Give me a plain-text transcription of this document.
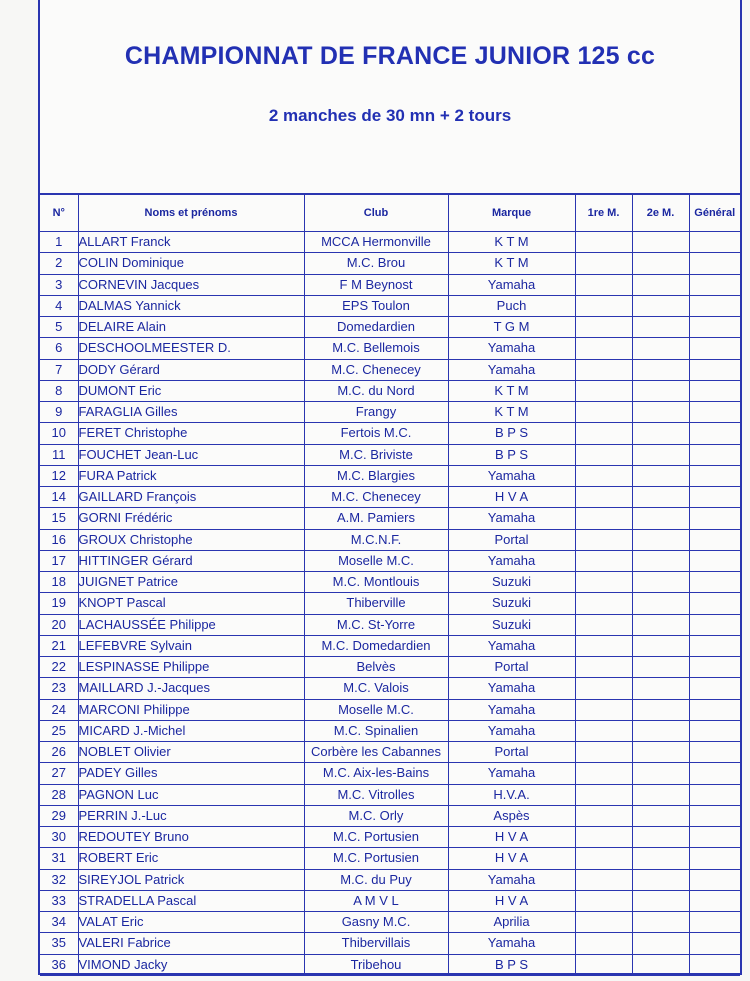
CHAMPIONNAT DE FRANCE JUNIOR 125 cc
2 manches de 30 mn + 2 tours
N°	Noms et prénoms	Club	Marque	1re M.	2e M.	Général
1	ALLART Franck	MCCA Hermonville	K T M			
2	COLIN Dominique	M.C. Brou	K T M			
3	CORNEVIN Jacques	F M Beynost	Yamaha			
4	DALMAS Yannick	EPS Toulon	Puch			
5	DELAIRE Alain	Domedardien	T G M			
6	DESCHOOLMEESTER D.	M.C. Bellemois	Yamaha			
7	DODY Gérard	M.C. Chenecey	Yamaha			
8	DUMONT Eric	M.C. du Nord	K T M			
9	FARAGLIA Gilles	Frangy	K T M			
10	FERET Christophe	Fertois M.C.	B P S			
11	FOUCHET Jean-Luc	M.C. Briviste	B P S			
12	FURA Patrick	M.C. Blargies	Yamaha			
14	GAILLARD François	M.C. Chenecey	H V A			
15	GORNI Frédéric	A.M. Pamiers	Yamaha			
16	GROUX Christophe	M.C.N.F.	Portal			
17	HITTINGER Gérard	Moselle M.C.	Yamaha			
18	JUIGNET Patrice	M.C. Montlouis	Suzuki			
19	KNOPT Pascal	Thiberville	Suzuki			
20	LACHAUSSÉE Philippe	M.C. St-Yorre	Suzuki			
21	LEFEBVRE Sylvain	M.C. Domedardien	Yamaha			
22	LESPINASSE Philippe	Belvès	Portal			
23	MAILLARD J.-Jacques	M.C. Valois	Yamaha			
24	MARCONI Philippe	Moselle M.C.	Yamaha			
25	MICARD J.-Michel	M.C. Spinalien	Yamaha			
26	NOBLET Olivier	Corbère les Cabannes	Portal			
27	PADEY Gilles	M.C. Aix-les-Bains	Yamaha			
28	PAGNON Luc	M.C. Vitrolles	H.V.A.			
29	PERRIN J.-Luc	M.C. Orly	Aspès			
30	REDOUTEY Bruno	M.C. Portusien	H V A			
31	ROBERT Eric	M.C. Portusien	H V A			
32	SIREYJOL Patrick	M.C. du Puy	Yamaha			
33	STRADELLA Pascal	A M V L	H V A			
34	VALAT Eric	Gasny M.C.	Aprilia			
35	VALERI Fabrice	Thibervillais	Yamaha			
36	VIMOND Jacky	Tribehou	B P S			
